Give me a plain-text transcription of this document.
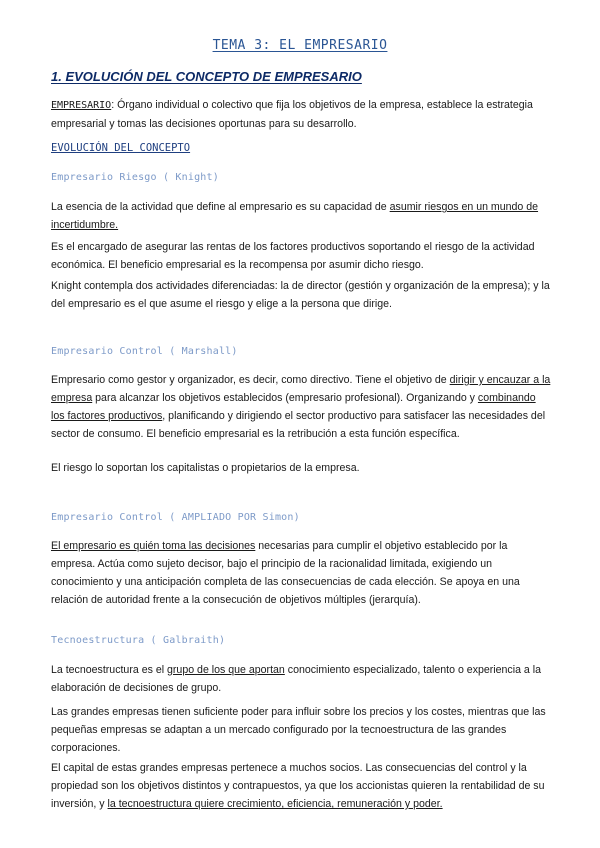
TEMA 3: EL EMPRESARIO
1. EVOLUCIÓN DEL CONCEPTO DE EMPRESARIO
EMPRESARIO: Órgano individual o colectivo que fija los objetivos de la empresa, establece la estrategia empresarial y tomas las decisiones oportunas para su desarrollo.
EVOLUCIÓN DEL CONCEPTO
Empresario Riesgo ( Knight)
La esencia de la actividad que define al empresario es su capacidad de asumir riesgos en un mundo de incertidumbre.
Es el encargado de asegurar las rentas de los factores productivos soportando el riesgo de la actividad económica. El beneficio empresarial es la recompensa por asumir dicho riesgo.
Knight contempla dos actividades diferenciadas: la de director (gestión y organización de la empresa); y la del empresario es el que asume el riesgo y elige a la persona que dirige.
Empresario Control ( Marshall)
Empresario como gestor y organizador, es decir, como directivo. Tiene el objetivo de dirigir y encauzar a la empresa para alcanzar los objetivos establecidos (empresario profesional). Organizando y combinando los factores productivos, planificando y dirigiendo el sector productivo para satisfacer las necesidades del sector de consumo. El beneficio empresarial es la retribución a esta función específica.
El riesgo lo soportan los capitalistas o propietarios de la empresa.
Empresario Control ( AMPLIADO POR Simon)
El empresario es quién toma las decisiones necesarias para cumplir el objetivo establecido por la empresa. Actúa como sujeto decisor, bajo el principio de la racionalidad limitada, exigiendo un conocimiento y una anticipación completa de las consecuencias de cada elección. Se apoya en una relación de autoridad frente a la consecución de objetivos múltiples (jerarquía).
Tecnoestructura ( Galbraith)
La tecnoestructura es el grupo de los que aportan conocimiento especializado, talento o experiencia a la elaboración de decisiones de grupo.
Las grandes empresas tienen suficiente poder para influir sobre los precios y los costes, mientras que las pequeñas empresas se adaptan a un mercado configurado por la tecnoestructura de las grandes corporaciones.
El capital de estas grandes empresas pertenece a muchos socios. Las consecuencias del control y la propiedad son los objetivos distintos y contrapuestos, ya que los accionistas quieren la rentabilidad de su inversión, y la tecnoestructura quiere crecimiento, eficiencia, remuneración y poder.
